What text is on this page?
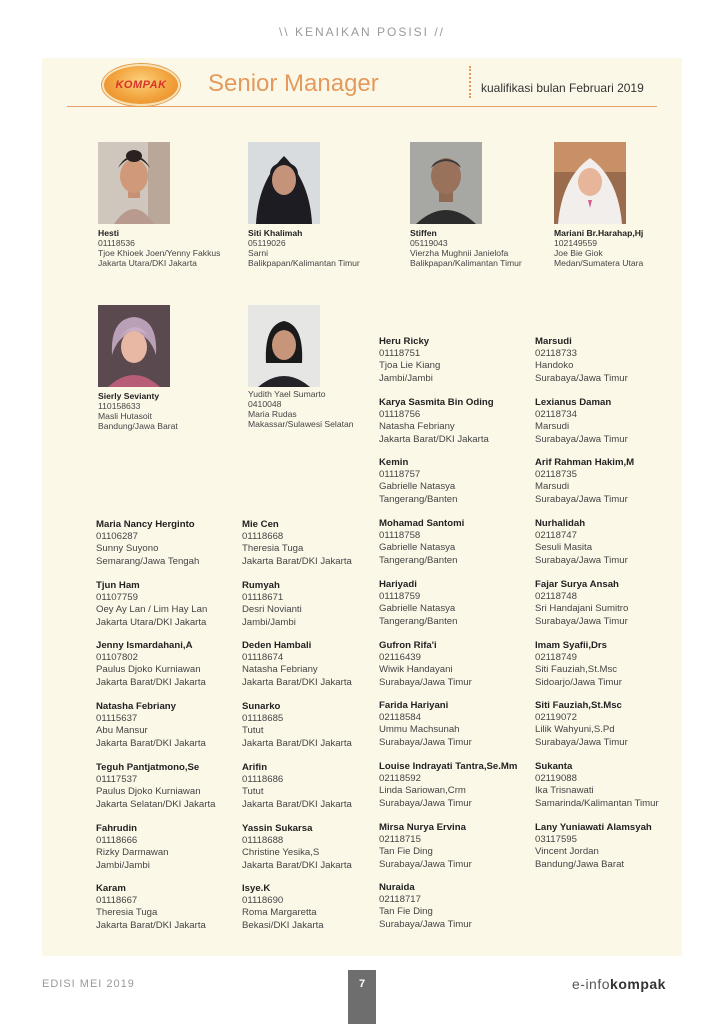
\\ KENAIKAN POSISI //
KOMPAK Senior Manager	kualifikasi bulan Februari 2019
Hesti
01118536
Tjoe Khioek Joen/Yenny Fakkus
Jakarta Utara/DKI Jakarta
Siti Khalimah
05119026
Sarni
Balikpapan/Kalimantan Timur
Stiffen
05119043
Vierzha Mughnii Janielofa
Balikpapan/Kalimantan Timur
Mariani Br.Harahap,Hj
102149559
Joe Bie Giok
Medan/Sumatera Utara
Sierly Sevianty
110158633
Masli Hutasoit
Bandung/Jawa Barat
Yudith Yael Sumarto
0410048
Maria Rudas
Makassar/Sulawesi Selatan
Maria Nancy Herginto
01106287
Sunny Suyono
Semarang/Jawa Tengah
Tjun Ham
01107759
Oey Ay Lan / Lim Hay Lan
Jakarta Utara/DKI Jakarta
Jenny Ismardahani,A
01107802
Paulus Djoko Kurniawan
Jakarta Barat/DKI Jakarta
Natasha Febriany
01115637
Abu Mansur
Jakarta Barat/DKI Jakarta
Teguh Pantjatmono,Se
01117537
Paulus Djoko Kurniawan
Jakarta Selatan/DKI Jakarta
Fahrudin
01118666
Rizky Darmawan
Jambi/Jambi
Karam
01118667
Theresia Tuga
Jakarta Barat/DKI Jakarta
Mie Cen
01118668
Theresia Tuga
Jakarta Barat/DKI Jakarta
Rumyah
01118671
Desri Novianti
Jambi/Jambi
Deden Hambali
01118674
Natasha Febriany
Jakarta Barat/DKI Jakarta
Sunarko
01118685
Tutut
Jakarta Barat/DKI Jakarta
Arifin
01118686
Tutut
Jakarta Barat/DKI Jakarta
Yassin Sukarsa
01118688
Christine Yesika,S
Jakarta Barat/DKI Jakarta
Isye.K
01118690
Roma Margaretta
Bekasi/DKI Jakarta
Heru Ricky
01118751
Tjoa Lie Kiang
Jambi/Jambi
Karya Sasmita Bin Oding
01118756
Natasha Febriany
Jakarta Barat/DKI Jakarta
Kemin
01118757
Gabrielle Natasya
Tangerang/Banten
Mohamad Santomi
01118758
Gabrielle Natasya
Tangerang/Banten
Hariyadi
01118759
Gabrielle Natasya
Tangerang/Banten
Gufron Rifa'i
02116439
Wiwik Handayani
Surabaya/Jawa Timur
Farida Hariyani
02118584
Ummu Machsunah
Surabaya/Jawa Timur
Louise Indrayati Tantra,Se.Mm
02118592
Linda Sariowan,Crm
Surabaya/Jawa Timur
Mirsa Nurya Ervina
02118715
Tan Fie Ding
Surabaya/Jawa Timur
Nuraida
02118717
Tan Fie Ding
Surabaya/Jawa Timur
Marsudi
02118733
Handoko
Surabaya/Jawa Timur
Lexianus Daman
02118734
Marsudi
Surabaya/Jawa Timur
Arif Rahman Hakim,M
02118735
Marsudi
Surabaya/Jawa Timur
Nurhalidah
02118747
Sesuli Masita
Surabaya/Jawa Timur
Fajar Surya Ansah
02118748
Sri Handajani Sumitro
Surabaya/Jawa Timur
Imam Syafii,Drs
02118749
Siti Fauziah,St.Msc
Sidoarjo/Jawa Timur
Siti Fauziah,St.Msc
02119072
Lilik Wahyuni,S.Pd
Surabaya/Jawa Timur
Sukanta
02119088
Ika Trisnawati
Samarinda/Kalimantan Timur
Lany Yuniawati Alamsyah
03117595
Vincent Jordan
Bandung/Jawa Barat
EDISI MEI 2019	7	e-infokompak
